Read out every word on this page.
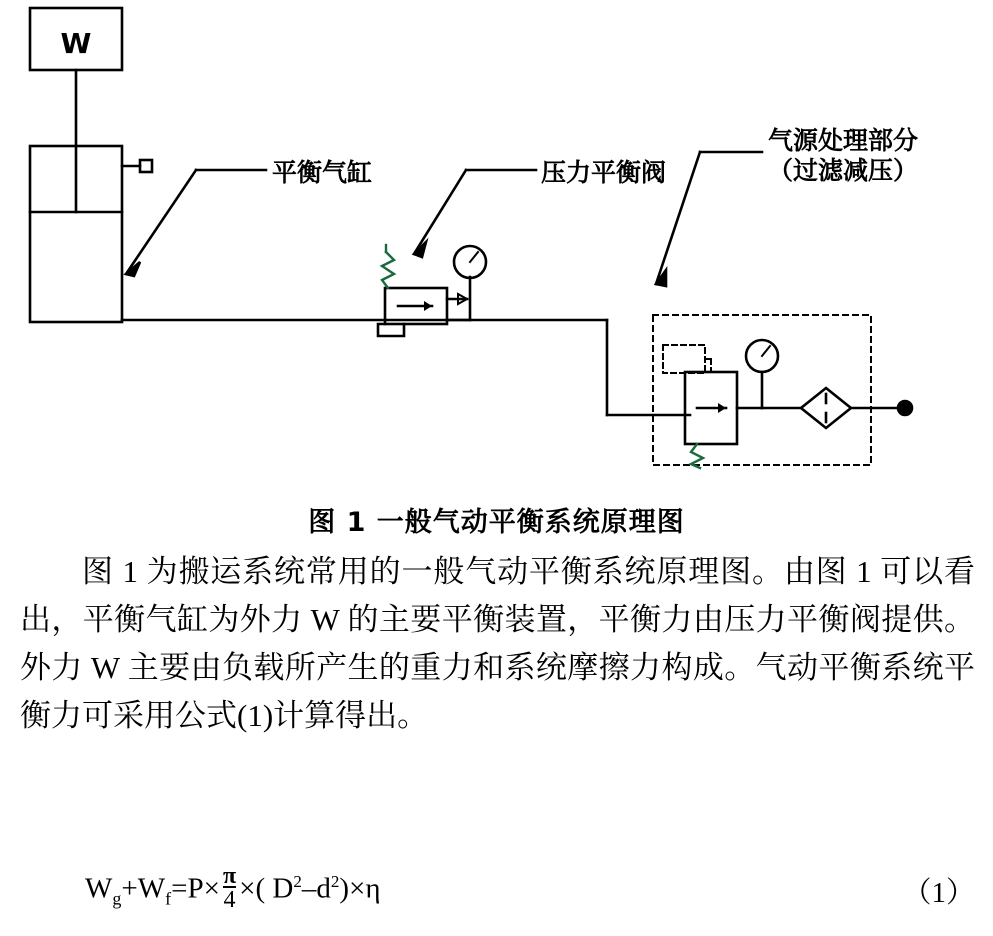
W
平衡气缸	压力平衡阀
气源处理部分
（过滤减压）
图 1 一般气动平衡系统原理图

图 1 为搬运系统常用的一般气动平衡系统原理图。由图 1 可以看出，平衡气缸为外力 W 的主要平衡装置，平衡力由压力平衡阀提供。外力 W 主要由负载所产生的重力和系统摩擦力构成。气动平衡系统平衡力可采用公式(1)计算得出。

$W_g+W_f=P\times \frac{\pi}{4}$ ×( $D^2-d^2)\times\eta$	（1）
